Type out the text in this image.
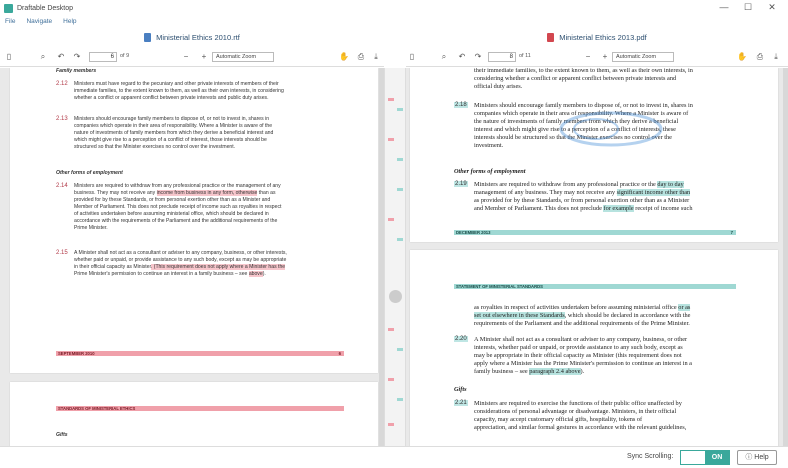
Draftable Desktop	—	☐	✕
File Navigate Help
Ministerial Ethics 2010.rtf	Ministerial Ethics 2013.pdf
▯	⌕	↶	↷	6	of 9	−	+	Automatic Zoom	✋	⎙	⤓	▯	⌕	↶	↷	8	of 11	−	+	Automatic Zoom	✋	⎙	⤓
Family members
2.12 Ministers must have regard to the pecuniary and other private interests of members of their
immediate families, to the extent known to them, as well as their own interests, in considering
whether a conflict or apparent conflict between private interests and public duty arises.
2.13 Ministers should encourage family members to dispose of, or not to invest in, shares in
companies which operate in their area of responsibility. Where a Minister is aware of the
nature of investments of family members from which they derive a beneficial interest and
which might give rise to a perception of a conflict of interest, those interests should be
structured so that the Minister exercises no control over the investment.
Other forms of employment
2.14 Ministers are required to withdraw from any professional practice or the management of any
business. They may not receive any income from business in any form, otherwise than as
provided for by these Standards, or from personal exertion other than as a Minister and
Member of Parliament. This does not preclude receipt of income such as royalties in respect
of activities undertaken before assuming ministerial office, which should be declared in
accordance with the requirements of the Parliament and the additional requirements of the
Prime Minister.
2.15 A Minister shall not act as a consultant or adviser to any company, business, or other interests,
whether paid or unpaid, or provide assistance to any such body, except as may be appropriate
in their official capacity as Minister. (This requirement does not apply where a Minister has the
Prime Minister's permission to continue an interest in a family business – see above).
SEPTEMBER 2010	6
STANDARDS OF MINISTERIAL ETHICS
Gifts
their immediate families, to the extent known to them, as well as their own interests, in
considering whether a conflict or apparent conflict between private interests and
official duty arises.
2.18 Ministers should encourage family members to dispose of, or not to invest in, shares in
companies which operate in their area of responsibility. Where a Minister is aware of
the nature of investments of family members from which they derive a beneficial
interest and which might give rise to a perception of a conflict of interests, these
interests should be structured so that the Minister exercises no control over the
investment.
Other forms of employment
2.19 Ministers are required to withdraw from any professional practice or the day to day
management of any business. They may not receive any significant income other than
as provided for by these Standards, or from personal exertion other than as a Minister
and Member of Parliament. This does not preclude for example receipt of income such
DECEMBER 2013	7
STATEMENT OF MINISTERIAL STANDARDS
as royalties in respect of activities undertaken before assuming ministerial office or as
set out elsewhere in these Standards, which should be declared in accordance with the
requirements of the Parliament and the additional requirements of the Prime Minister.
2.20 A Minister shall not act as a consultant or adviser to any company, business, or other
interests, whether paid or unpaid, or provide assistance to any such body, except as
may be appropriate in their official capacity as Minister (this requirement does not
apply where a Minister has the Prime Minister's permission to continue an interest in a
family business – see paragraph 2.4 above).
Gifts
2.21 Ministers are required to exercise the functions of their public office unaffected by
considerations of personal advantage or disadvantage. Ministers, in their official
capacity, may accept customary official gifts, hospitality, tokens of
appreciation, and similar formal gestures in accordance with the relevant guidelines,
Sync Scrolling:	ON	ⓘ Help
